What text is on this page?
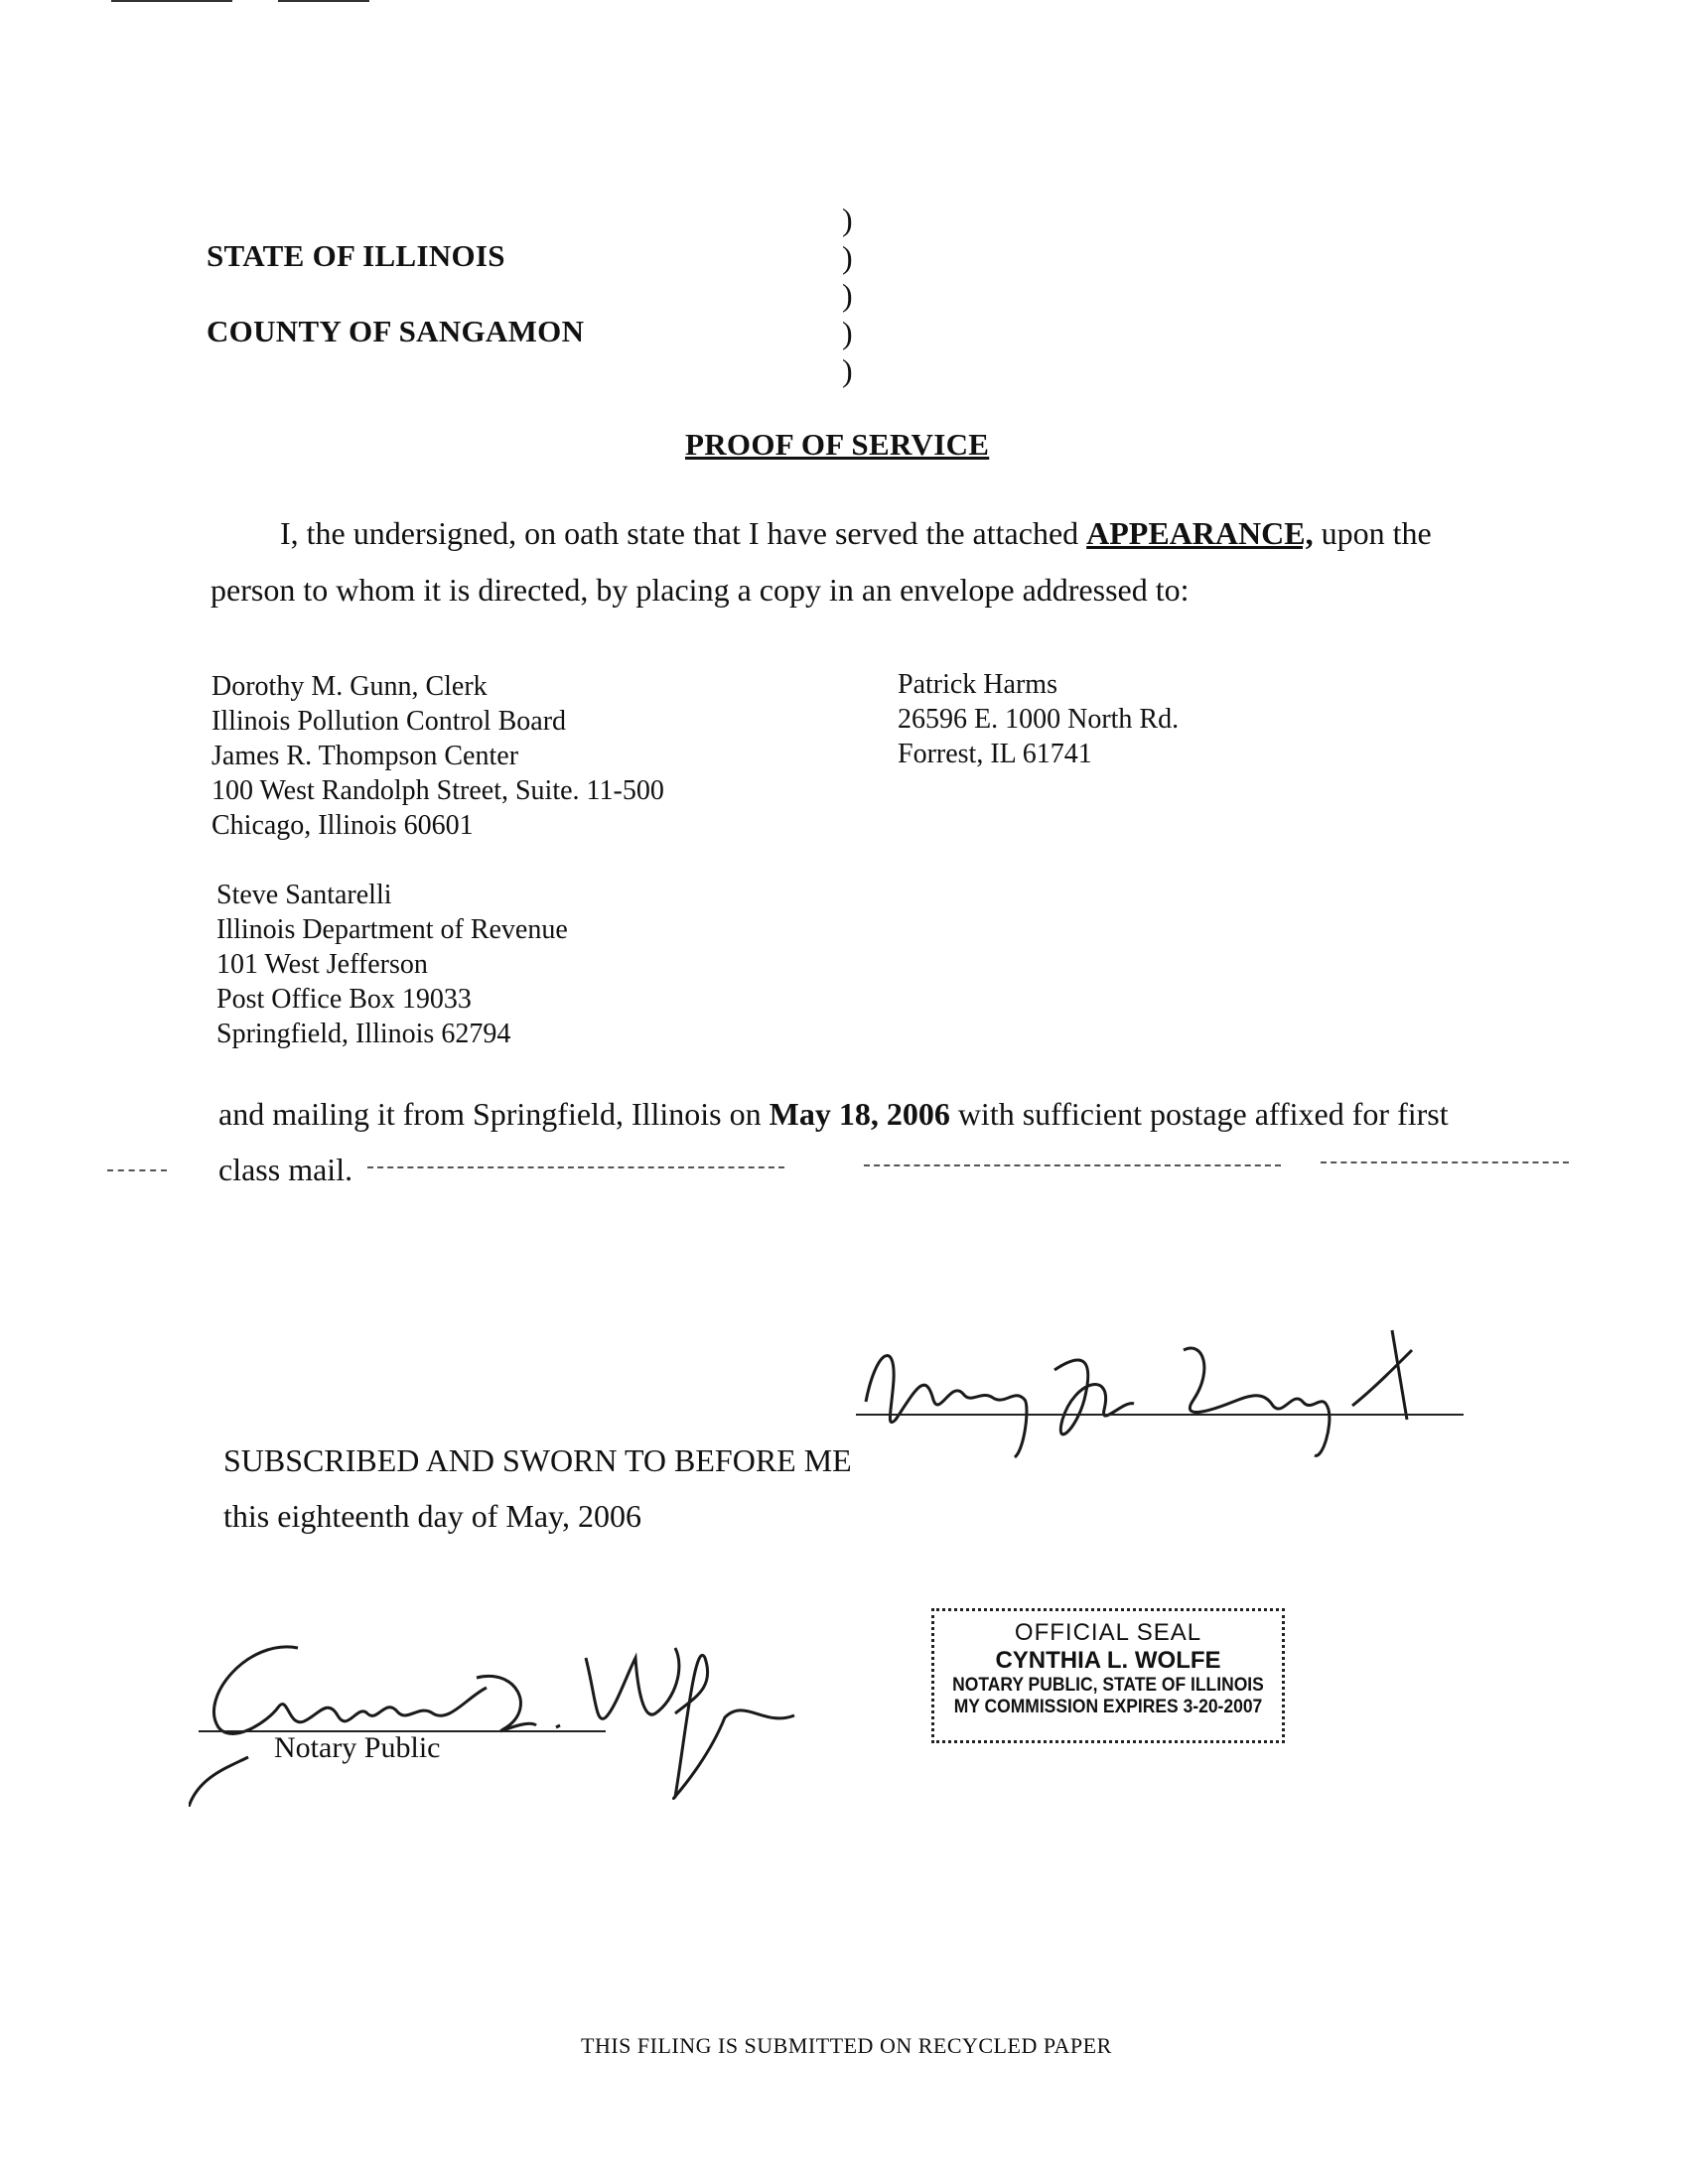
STATE OF ILLINOIS
COUNTY OF SANGAMON
)
)
)
)
)
PROOF OF SERVICE
I, the undersigned, on oath state that I have served the attached APPEARANCE, upon the
person to whom it is directed, by placing a copy in an envelope addressed to:
Dorothy M. Gunn, Clerk
Illinois Pollution Control Board
James R. Thompson Center
100 West Randolph Street, Suite. 11-500
Chicago, Illinois 60601
Patrick Harms
26596 E. 1000 North Rd.
Forrest, IL 61741
Steve Santarelli
Illinois Department of Revenue
101 West Jefferson
Post Office Box 19033
Springfield, Illinois 62794
and mailing it from Springfield, Illinois on May 18, 2006 with sufficient postage affixed for first
class mail.
Nancy JD Lampert
SUBSCRIBED AND SWORN TO BEFORE ME
this eighteenth day of May, 2006
Cynthia L. Wolfe
Notary Public
OFFICIAL SEAL
CYNTHIA L. WOLFE
NOTARY PUBLIC, STATE OF ILLINOIS
MY COMMISSION EXPIRES 3-20-2007
THIS FILING IS SUBMITTED ON RECYCLED PAPER
